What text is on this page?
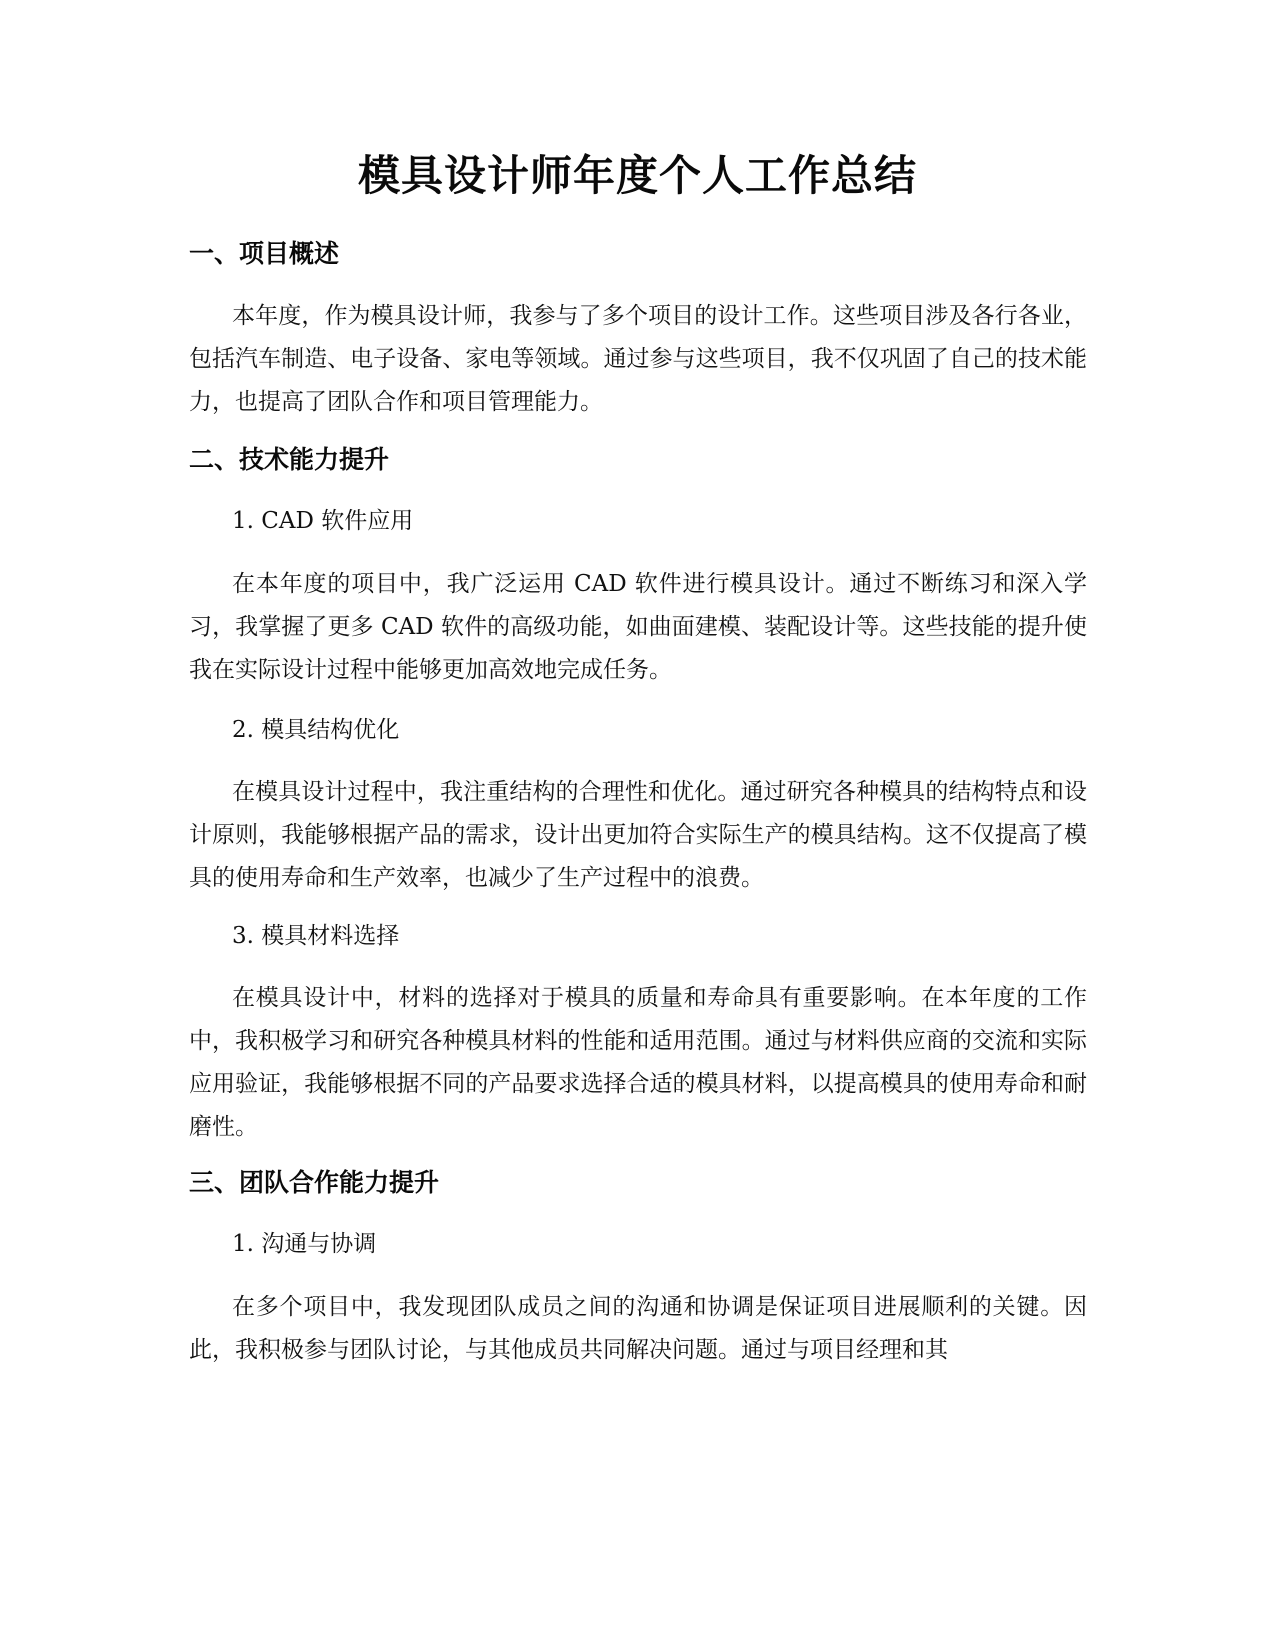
模具设计师年度个人工作总结
一、项目概述

本年度，作为模具设计师，我参与了多个项目的设计工作。这些项目涉及各行各业，包括汽车制造、电子设备、家电等领域。通过参与这些项目，我不仅巩固了自己的技术能力，也提高了团队合作和项目管理能力。

二、技术能力提升
1. CAD 软件应用

在本年度的项目中，我广泛运用 CAD 软件进行模具设计。通过不断练习和深入学习，我掌握了更多 CAD 软件的高级功能，如曲面建模、装配设计等。这些技能的提升使我在实际设计过程中能够更加高效地完成任务。

2. 模具结构优化

在模具设计过程中，我注重结构的合理性和优化。通过研究各种模具的结构特点和设计原则，我能够根据产品的需求，设计出更加符合实际生产的模具结构。这不仅提高了模具的使用寿命和生产效率，也减少了生产过程中的浪费。

3. 模具材料选择

在模具设计中，材料的选择对于模具的质量和寿命具有重要影响。在本年度的工作中，我积极学习和研究各种模具材料的性能和适用范围。通过与材料供应商的交流和实际应用验证，我能够根据不同的产品要求选择合适的模具材料，以提高模具的使用寿命和耐磨性。

三、团队合作能力提升
1. 沟通与协调

在多个项目中，我发现团队成员之间的沟通和协调是保证项目进展顺利的关键。因此，我积极参与团队讨论，与其他成员共同解决问题。通过与项目经理和其
